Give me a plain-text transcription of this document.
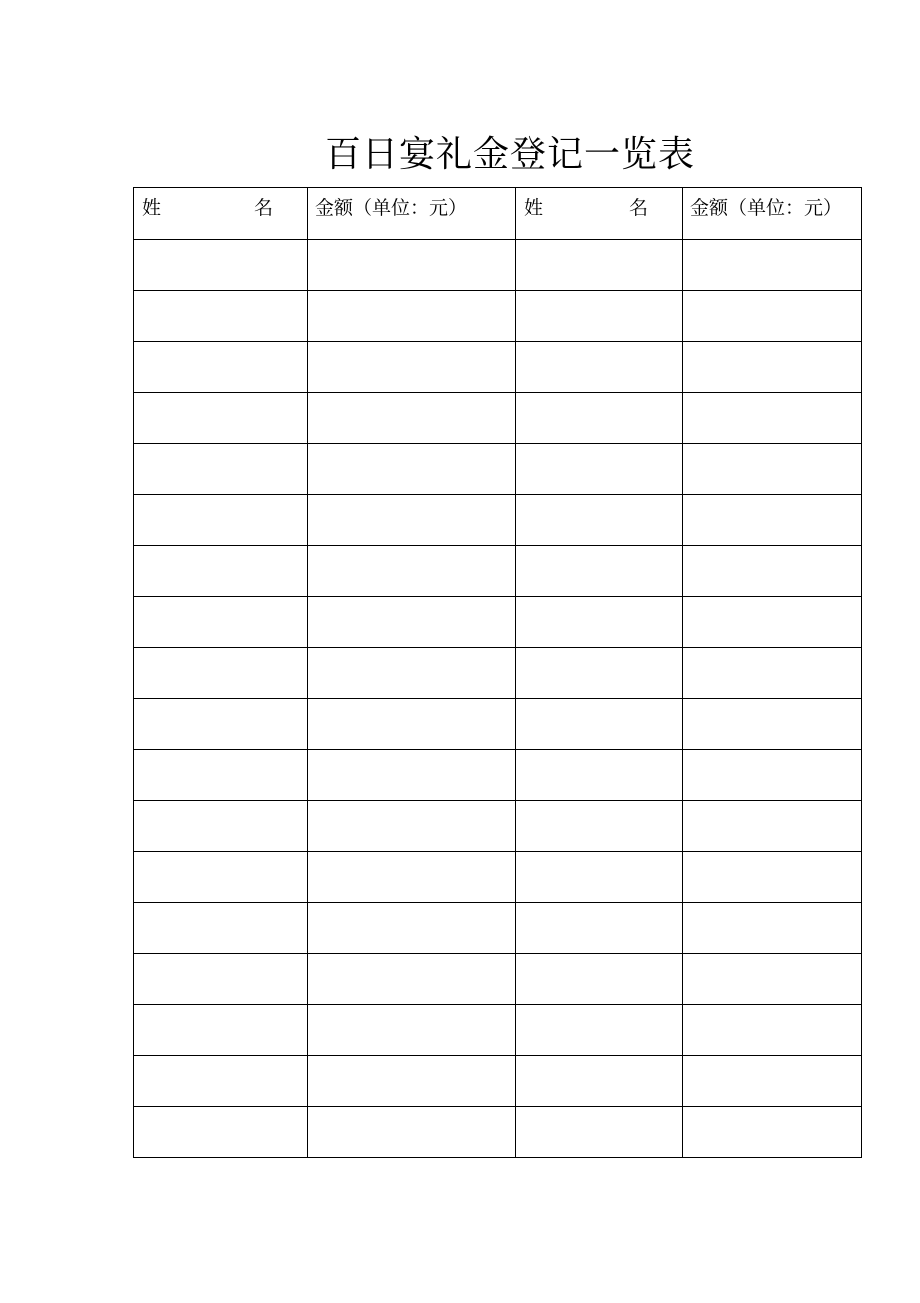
百日宴礼金登记一览表
姓 名	金额（单位：元）	姓 名	金额（单位：元）
